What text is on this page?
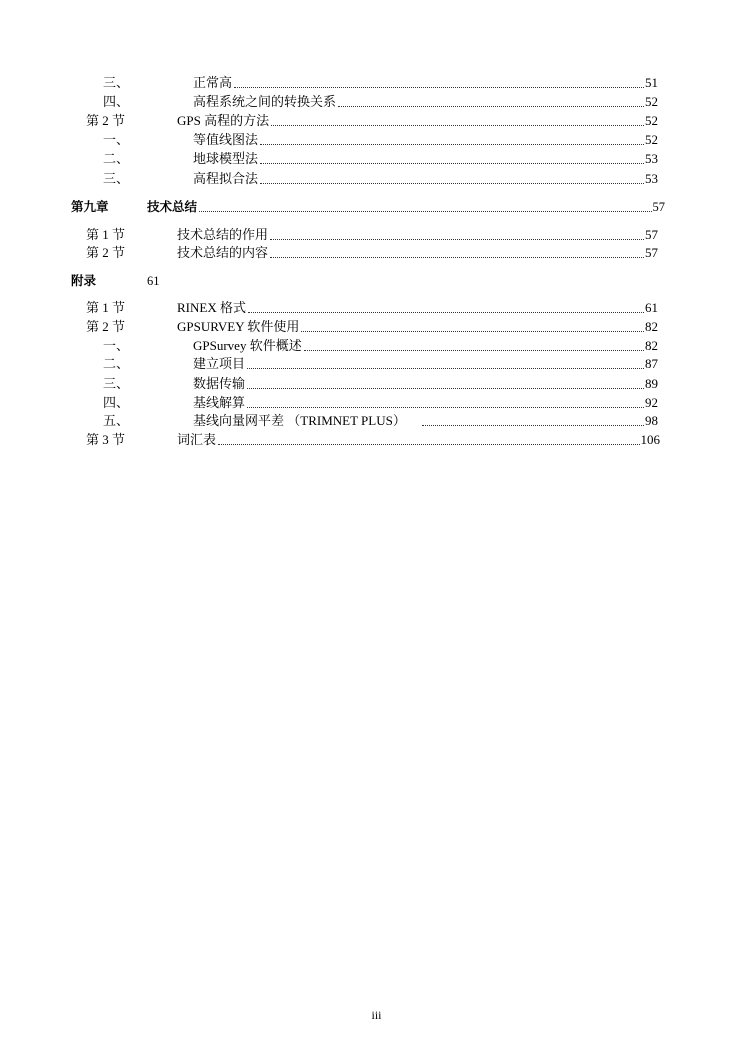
三、	正常高	51
四、	高程系统之间的转换关系	52
第 2 节	GPS 高程的方法	52
一、	等值线图法	52
二、	地球模型法	53
三、	高程拟合法	53
第九章	技术总结	57
第 1 节	技术总结的作用	57
第 2 节	技术总结的内容	57
附录	61
第 1 节	RINEX 格式	61
第 2 节	GPSURVEY 软件使用	82
一、	GPSurvey 软件概述	82
二、	建立项目	87
三、	数据传输	89
四、	基线解算	92
五、	基线向量网平差 （TRIMNET PLUS）	98
第 3 节	词汇表	106
iii
